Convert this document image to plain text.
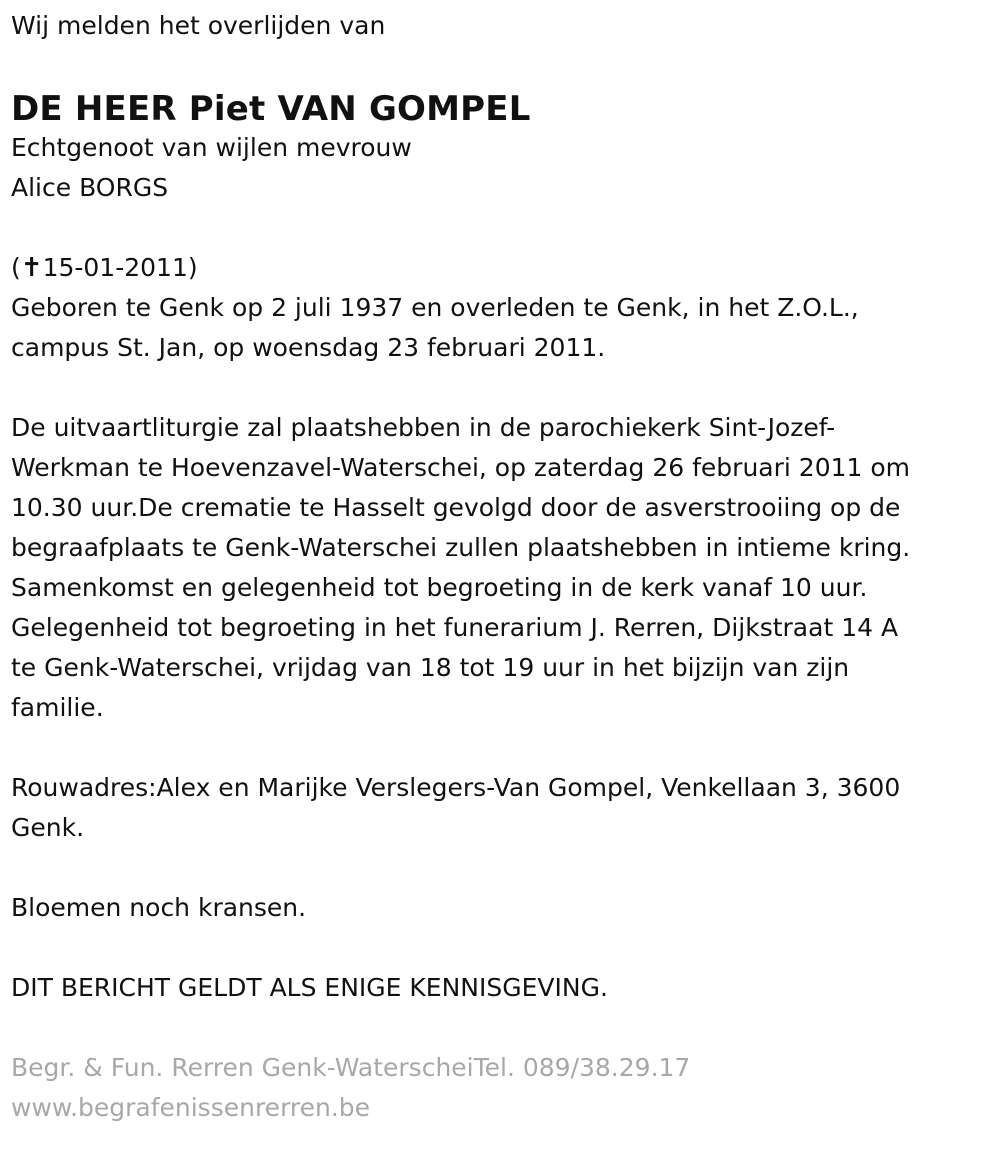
Wij melden het overlijden van
DE HEER Piet VAN GOMPEL
Echtgenoot van wijlen mevrouw
Alice BORGS
(✝15-01-2011)
Geboren te Genk op 2 juli 1937 en overleden te Genk, in het Z.O.L.,
campus St. Jan, op woensdag 23 februari 2011.
De uitvaartliturgie zal plaatshebben in de parochiekerk Sint-Jozef-
Werkman te Hoevenzavel-Waterschei, op zaterdag 26 februari 2011 om
10.30 uur.De crematie te Hasselt gevolgd door de asverstrooiing op de
begraafplaats te Genk-Waterschei zullen plaatshebben in intieme kring.
Samenkomst en gelegenheid tot begroeting in de kerk vanaf 10 uur.
Gelegenheid tot begroeting in het funerarium J. Rerren, Dijkstraat 14 A
te Genk-Waterschei, vrijdag van 18 tot 19 uur in het bijzijn van zijn
familie.
Rouwadres:Alex en Marijke Verslegers-Van Gompel, Venkellaan 3, 3600
Genk.
Bloemen noch kransen.
DIT BERICHT GELDT ALS ENIGE KENNISGEVING.
Begr. & Fun. Rerren Genk-WaterscheiTel. 089/38.29.17
www.begrafenissenrerren.be
